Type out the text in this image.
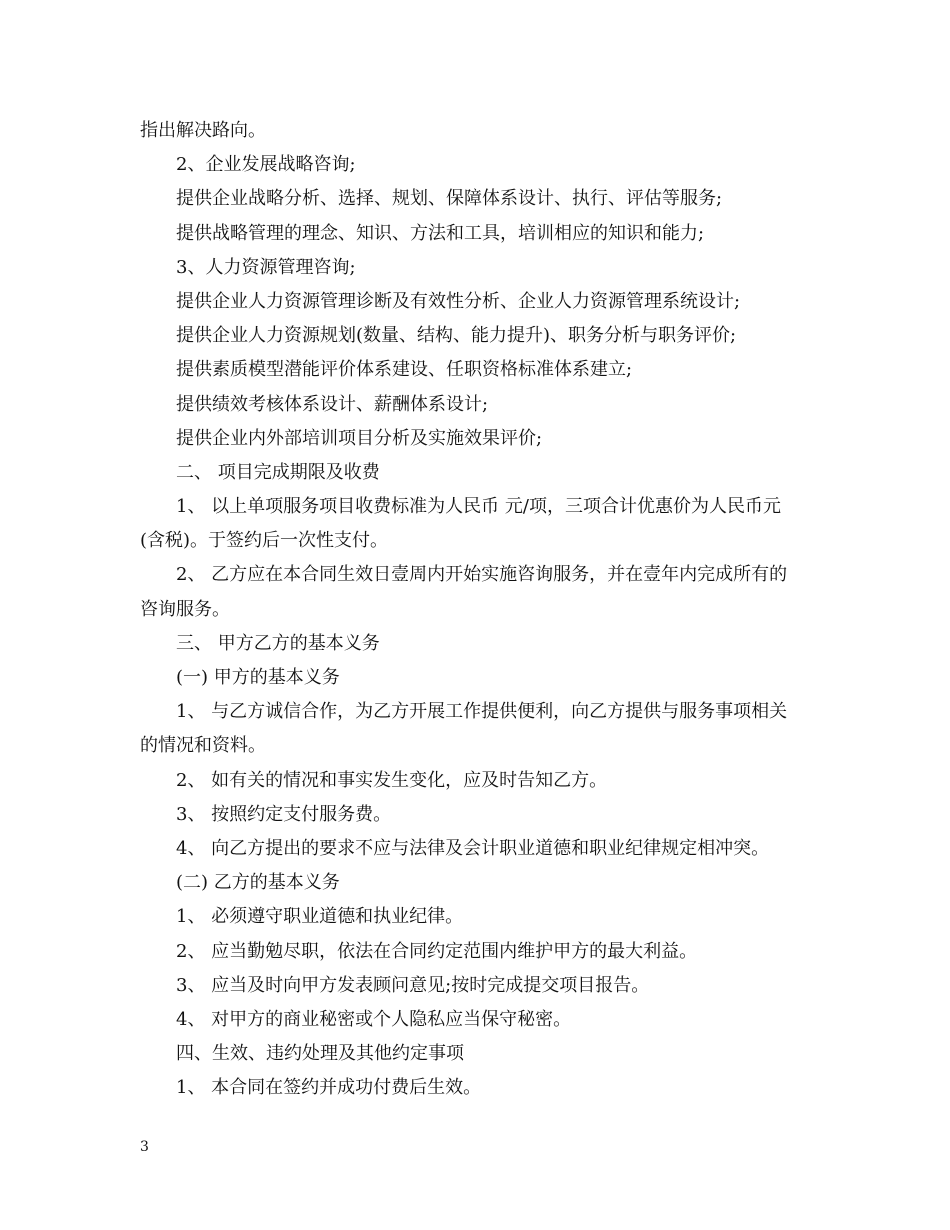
指出解决路向。
2、企业发展战略咨询;
提供企业战略分析、选择、规划、保障体系设计、执行、评估等服务;
提供战略管理的理念、知识、方法和工具，培训相应的知识和能力;
3、人力资源管理咨询;
提供企业人力资源管理诊断及有效性分析、企业人力资源管理系统设计;
提供企业人力资源规划(数量、结构、能力提升)、职务分析与职务评价;
提供素质模型潜能评价体系建设、任职资格标准体系建立;
提供绩效考核体系设计、薪酬体系设计;
提供企业内外部培训项目分析及实施效果评价;
二、 项目完成期限及收费
1、 以上单项服务项目收费标准为人民币 元/项，三项合计优惠价为人民币元
(含税)。于签约后一次性支付。
2、 乙方应在本合同生效日壹周内开始实施咨询服务，并在壹年内完成所有的
咨询服务。
三、 甲方乙方的基本义务
(一) 甲方的基本义务
1、 与乙方诚信合作，为乙方开展工作提供便利，向乙方提供与服务事项相关
的情况和资料。
2、 如有关的情况和事实发生变化，应及时告知乙方。
3、 按照约定支付服务费。
4、 向乙方提出的要求不应与法律及会计职业道德和职业纪律规定相冲突。
(二) 乙方的基本义务
1、 必须遵守职业道德和执业纪律。
2、 应当勤勉尽职，依法在合同约定范围内维护甲方的最大利益。
3、 应当及时向甲方发表顾问意见;按时完成提交项目报告。
4、 对甲方的商业秘密或个人隐私应当保守秘密。
四、生效、违约处理及其他约定事项
1、 本合同在签约并成功付费后生效。
3
